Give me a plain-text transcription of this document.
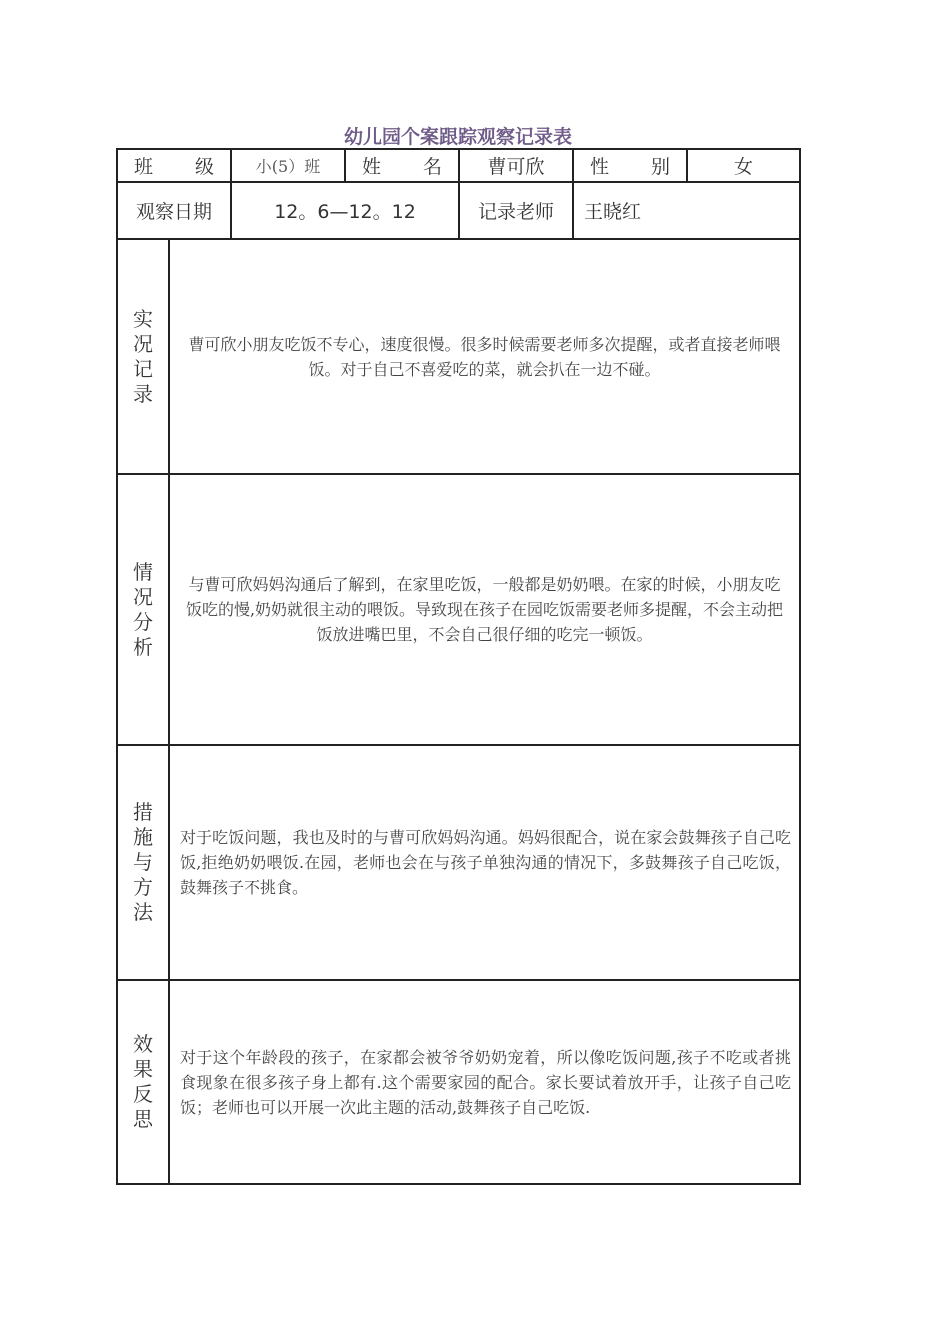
幼儿园个案跟踪观察记录表
班 级		小(5）班	姓 名	曹可欣	性 别	女
观察日期		12。6—12。12		记录老师	王晓红	

实
况
记
录	曹可欣小朋友吃饭不专心，速度很慢。很多时候需要老师多次提醒，或者直接老师喂饭。对于自己不喜爱吃的菜，就会扒在一边不碰。					

情
况
分
析	与曹可欣妈妈沟通后了解到，在家里吃饭，一般都是奶奶喂。在家的时候，小朋友吃饭吃的慢,奶奶就很主动的喂饭。导致现在孩子在园吃饭需要老师多提醒，不会主动把饭放进嘴巴里，不会自己很仔细的吃完一顿饭。					

措
施
与
方
法	对于吃饭问题，我也及时的与曹可欣妈妈沟通。妈妈很配合，说在家会鼓舞孩子自己吃饭,拒绝奶奶喂饭.在园，老师也会在与孩子单独沟通的情况下，多鼓舞孩子自己吃饭，鼓舞孩子不挑食。					

效
果
反
思	对于这个年龄段的孩子，在家都会被爷爷奶奶宠着，所以像吃饭问题,孩子不吃或者挑食现象在很多孩子身上都有.这个需要家园的配合。家长要试着放开手，让孩子自己吃饭；老师也可以开展一次此主题的活动,鼓舞孩子自己吃饭.					
